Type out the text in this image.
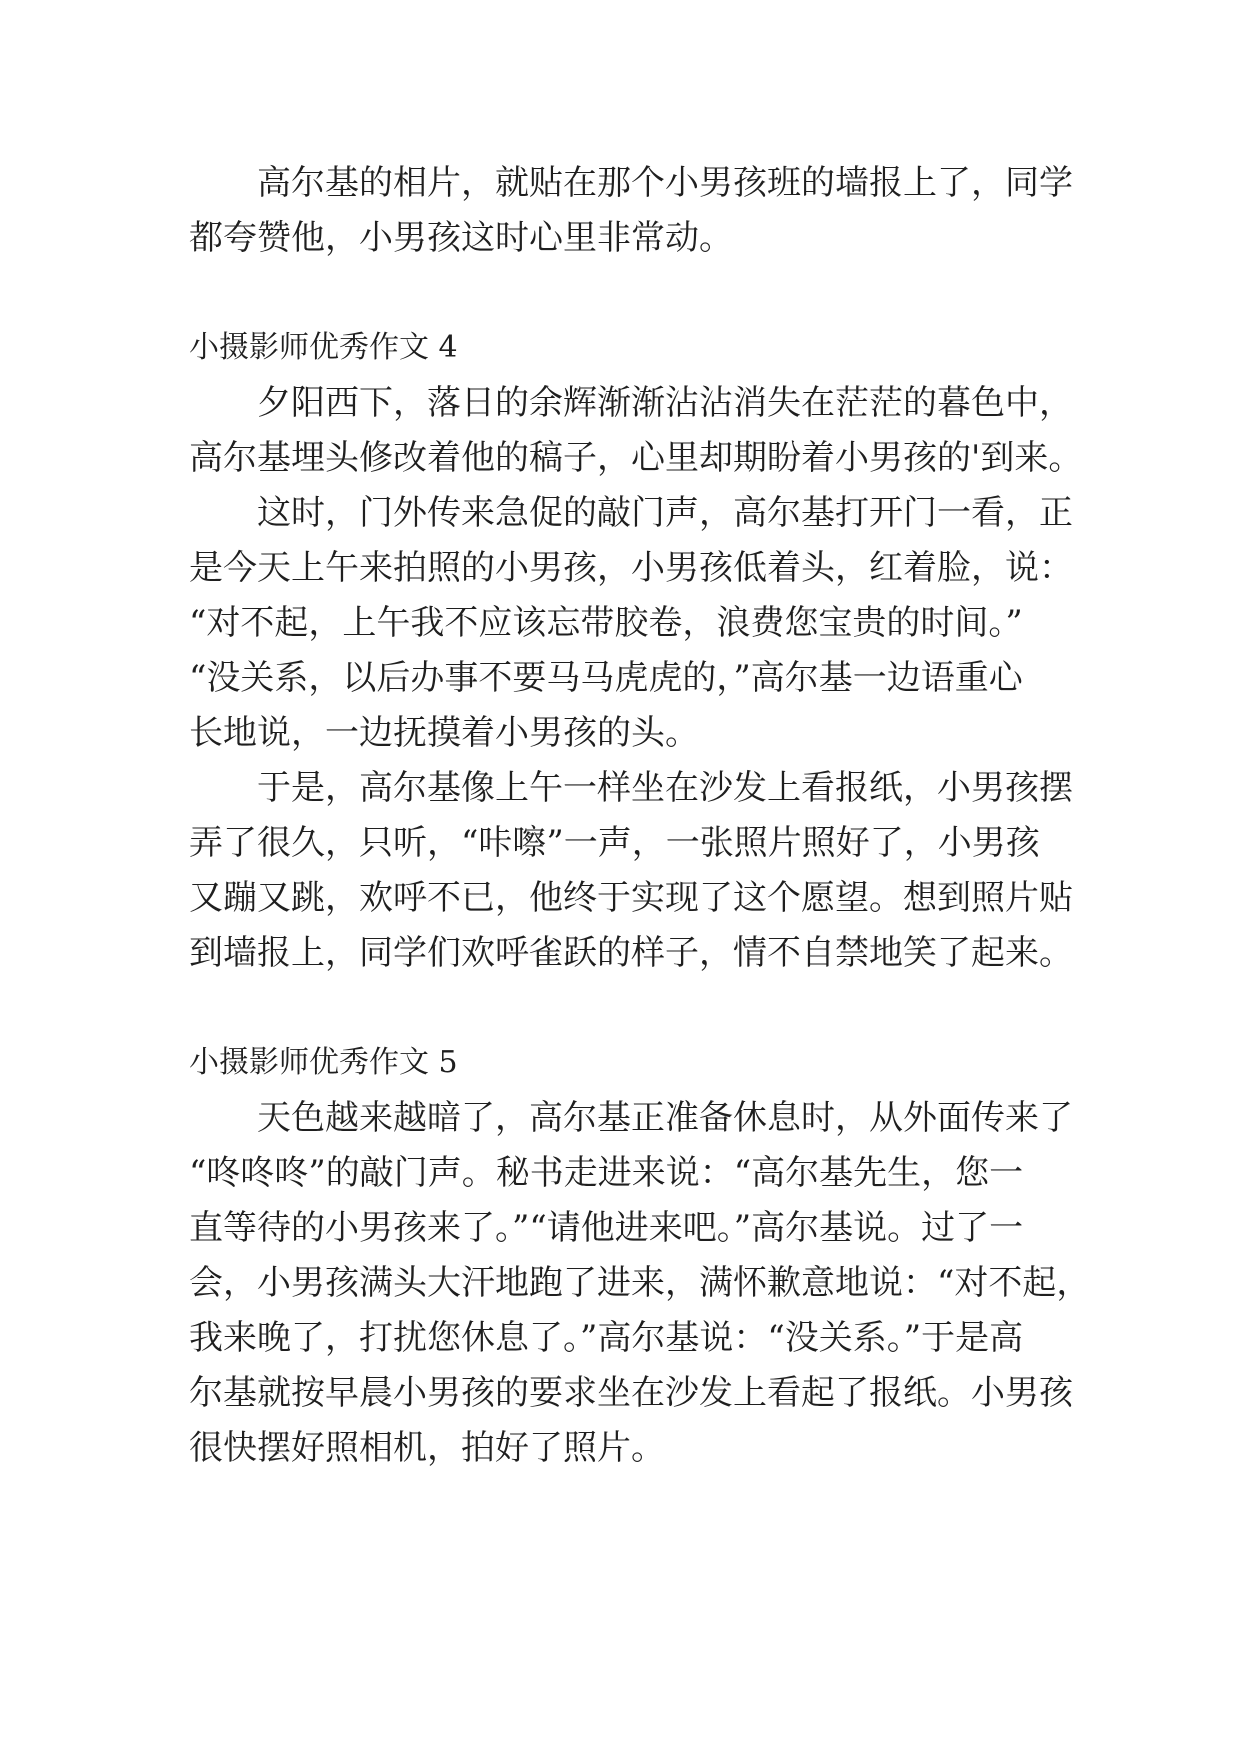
高尔基的相片，就贴在那个小男孩班的墙报上了，同学
都夸赞他，小男孩这时心里非常动。
小摄影师优秀作文 4
夕阳西下，落日的余辉渐渐沾沾消失在茫茫的暮色中，
高尔基埋头修改着他的稿子，心里却期盼着小男孩的'到来。
这时，门外传来急促的敲门声，高尔基打开门一看，正
是今天上午来拍照的小男孩，小男孩低着头，红着脸，说：
“对不起，上午我不应该忘带胶卷，浪费您宝贵的时间。”
“没关系，以后办事不要马马虎虎的，”高尔基一边语重心
长地说，一边抚摸着小男孩的头。
于是，高尔基像上午一样坐在沙发上看报纸，小男孩摆
弄了很久，只听，“咔嚓”一声，一张照片照好了，小男孩
又蹦又跳，欢呼不已，他终于实现了这个愿望。想到照片贴
到墙报上，同学们欢呼雀跃的样子，情不自禁地笑了起来。
小摄影师优秀作文 5
天色越来越暗了，高尔基正准备休息时，从外面传来了
“咚咚咚”的敲门声。秘书走进来说：“高尔基先生，您一
直等待的小男孩来了。”“请他进来吧。”高尔基说。过了一
会，小男孩满头大汗地跑了进来，满怀歉意地说：“对不起，
我来晚了，打扰您休息了。”高尔基说：“没关系。”于是高
尔基就按早晨小男孩的要求坐在沙发上看起了报纸。小男孩
很快摆好照相机，拍好了照片。
